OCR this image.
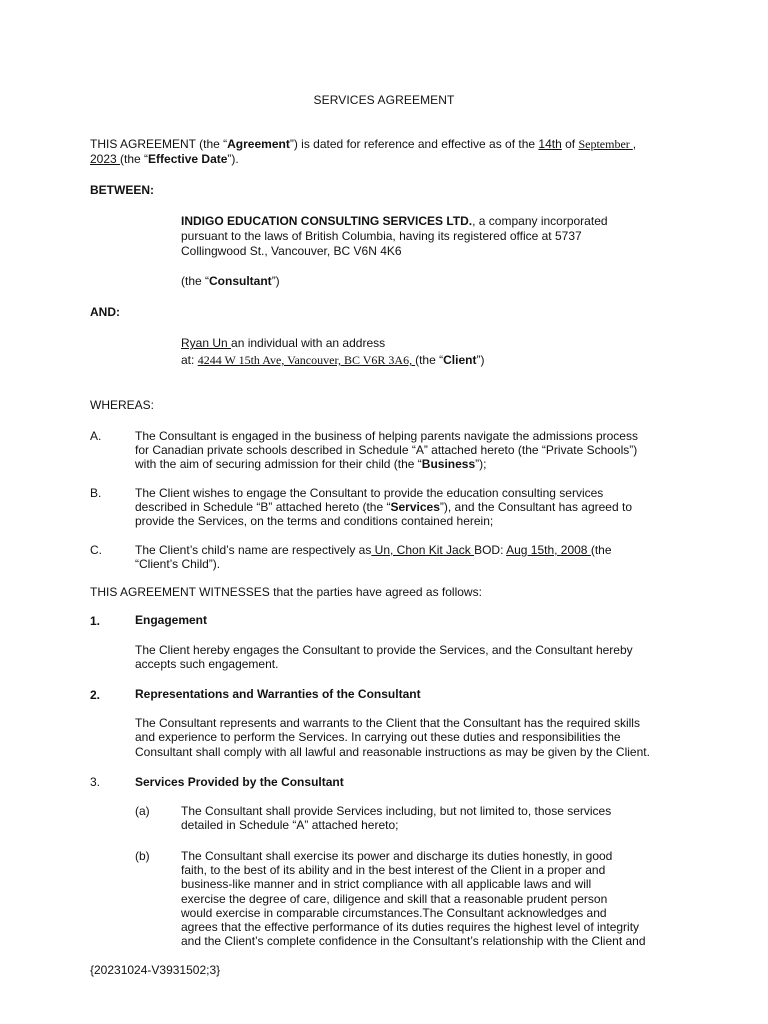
SERVICES AGREEMENT
THIS AGREEMENT (the “Agreement”) is dated for reference and effective as of the 14th of September ,
2023 (the “Effective Date”).
BETWEEN:
INDIGO EDUCATION CONSULTING SERVICES LTD., a company incorporated
pursuant to the laws of British Columbia, having its registered office at 5737
Collingwood St., Vancouver, BC V6N 4K6
(the “Consultant”)
AND:
Ryan Un an individual with an address
at: 4244 W 15th Ave, Vancouver, BC V6R 3A6, (the “Client”)
WHEREAS:
A.	The Consultant is engaged in the business of helping parents navigate the admissions process
for Canadian private schools described in Schedule “A” attached hereto (the “Private Schools”)
with the aim of securing admission for their child (the “Business”);
B.	The Client wishes to engage the Consultant to provide the education consulting services
described in Schedule “B” attached hereto (the “Services”), and the Consultant has agreed to
provide the Services, on the terms and conditions contained herein;
C.	The Client’s child’s name are respectively as Un, Chon Kit Jack BOD: Aug 15th, 2008 (the
“Client’s Child”).
THIS AGREEMENT WITNESSES that the parties have agreed as follows:
1.	Engagement
The Client hereby engages the Consultant to provide the Services, and the Consultant hereby
accepts such engagement.
2.	Representations and Warranties of the Consultant
The Consultant represents and warrants to the Client that the Consultant has the required skills
and experience to perform the Services. In carrying out these duties and responsibilities the
Consultant shall comply with all lawful and reasonable instructions as may be given by the Client.
3.	Services Provided by the Consultant
(a)	The Consultant shall provide Services including, but not limited to, those services
detailed in Schedule “A” attached hereto;
(b)	The Consultant shall exercise its power and discharge its duties honestly, in good
faith, to the best of its ability and in the best interest of the Client in a proper and
business-like manner and in strict compliance with all applicable laws and will
exercise the degree of care, diligence and skill that a reasonable prudent person
would exercise in comparable circumstances.The Consultant acknowledges and
agrees that the effective performance of its duties requires the highest level of integrity
and the Client’s complete confidence in the Consultant’s relationship with the Client and
{20231024-V3931502;3}
